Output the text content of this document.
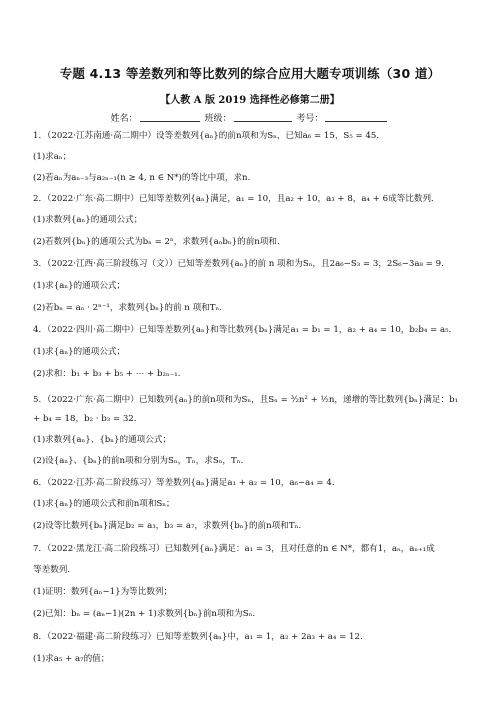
专题 4.13 等差数列和等比数列的综合应用大题专项训练（30 道）
【人教 A 版 2019 选择性必修第二册】
姓名：	班级：	考号：
1．（2022·江苏南通·高二期中）设等差数列{aₙ}的前n项和为Sₙ，已知a₆ = 15，S₅ = 45．
(1)求aₙ；
(2)若aₙ为aₙ₋₃与a₂ₙ₋₁(n ≥ 4, n ∈ N*)的等比中项，求n.
2．（2022·广东·高二期中）已知等差数列{aₙ}满足，a₁ = 10，且a₂ + 10，a₃ + 8，a₄ + 6成等比数列．
(1)求数列{aₙ}的通项公式；
(2)若数列{bₙ}的通项公式为bₙ = 2ⁿ，求数列{aₙbₙ}的前n项和.
3．（2022·江西·高三阶段练习（文））已知等差数列{aₙ}的前 n 项和为Sₙ，且2a₆−S₃ = 3，2S₆−3a₈ = 9．
(1)求{aₙ}的通项公式；
(2)若bₙ = aₙ · 2ⁿ⁻¹，求数列{bₙ}的前 n 项和Tₙ.
4．（2022·四川·高二期中）已知等差数列{aₙ}和等比数列{bₙ}满足a₁ = b₁ = 1，a₂ + a₄ = 10，b₂b₄ = a₅.
(1)求{aₙ}的通项公式；
(2)求和：b₁ + b₃ + b₅ + ⋯ + b₂ₙ₋₁.
5．（2022·广东·高二期中）已知数列{aₙ}的前n项和为Sₙ，且Sₙ = ³⁄₂n² + ½n，递增的等比数列{bₙ}满足：b₁
+ b₄ = 18，b₂ · b₃ = 32.
(1)求数列{aₙ}、{bₙ}的通项公式；
(2)设{aₙ}、{bₙ}的前n项和分别为Sₙ，Tₙ，求Sₙ，Tₙ.
6．（2022·江苏·高二阶段练习）等差数列{aₙ}满足a₁ + a₂ = 10，a₆−a₄ = 4.
(1)求{aₙ}的通项公式和前n项和Sₙ；
(2)设等比数列{bₙ}满足b₂ = a₃，b₃ = a₇，求数列{bₙ}的前n项和Tₙ.
7．（2022·黑龙江·高二阶段练习）已知数列{aₙ}满足：a₁ = 3，且对任意的n ∈ N*，都有1，aₙ，aₙ₊₁成
等差数列.
(1)证明：数列{aₙ−1}为等比数列；
(2)已知：bₙ = (aₙ−1)(2n + 1)求数列{bₙ}前n项和为Sₙ.
8．（2022·福建·高二阶段练习）已知等差数列{aₙ}中，a₁ = 1，a₂ + 2a₃ + a₄ = 12.
(1)求a₅ + a₇的值；
